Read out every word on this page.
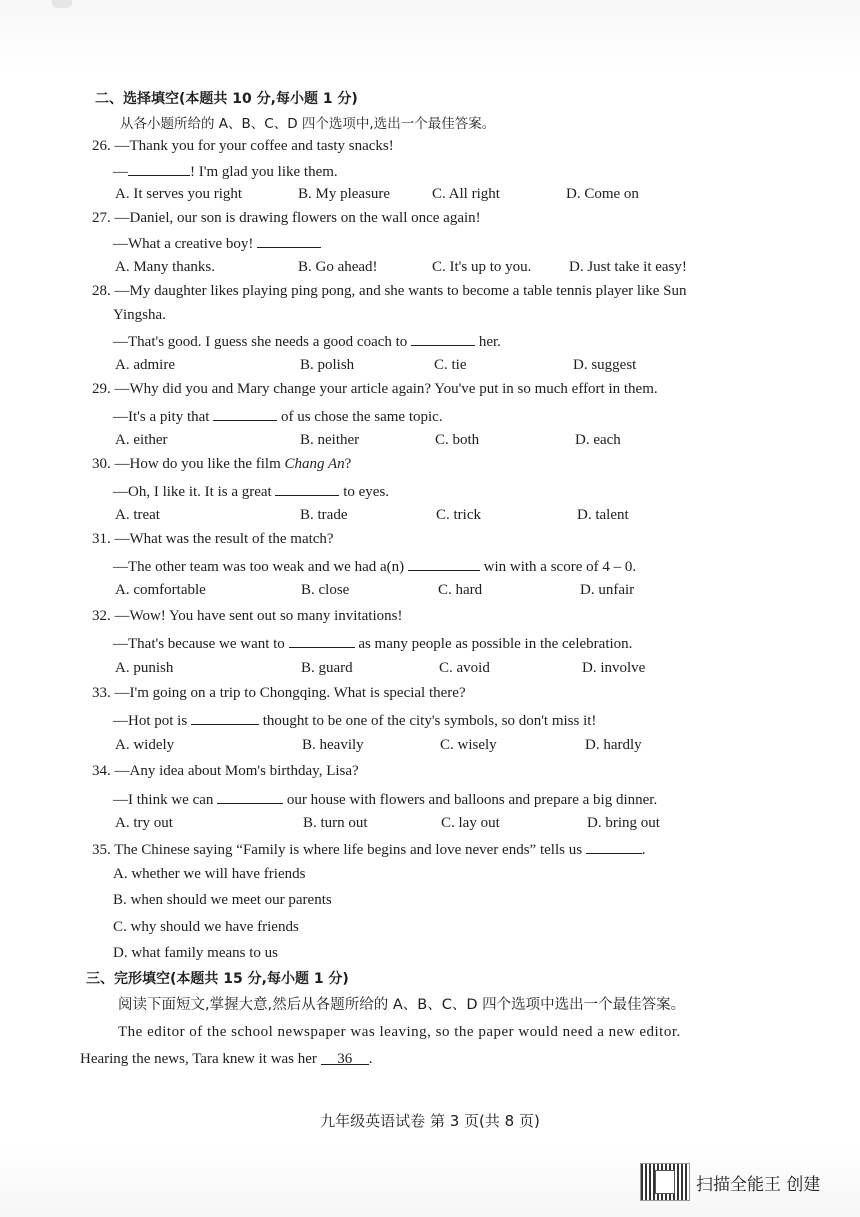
二、选择填空(本题共 10 分,每小题 1 分)
从各小题所给的 A、B、C、D 四个选项中,选出一个最佳答案。
26. —Thank you for your coffee and tasty snacks!
—	! I'm glad you like them.
A. It serves you right	B. My pleasure	C. All right	D. Come on
27. —Daniel, our son is drawing flowers on the wall once again!
—What a creative boy!
A. Many thanks.	B. Go ahead!	C. It's up to you.	D. Just take it easy!
28. —My daughter likes playing ping pong, and she wants to become a table tennis player like Sun
Yingsha.
—That's good. I guess she needs a good coach to	her.
A. admire	B. polish	C. tie	D. suggest
29. —Why did you and Mary change your article again? You've put in so much effort in them.
—It's a pity that	of us chose the same topic.
A. either	B. neither	C. both	D. each
30. —How do you like the film Chang An?
—Oh, I like it. It is a great	to eyes.
A. treat	B. trade	C. trick	D. talent
31. —What was the result of the match?
—The other team was too weak and we had a(n)	win with a score of 4 – 0.
A. comfortable	B. close	C. hard	D. unfair
32. —Wow! You have sent out so many invitations!
—That's because we want to	as many people as possible in the celebration.
A. punish	B. guard	C. avoid	D. involve
33. —I'm going on a trip to Chongqing. What is special there?
—Hot pot is	thought to be one of the city's symbols, so don't miss it!
A. widely	B. heavily	C. wisely	D. hardly
34. —Any idea about Mom's birthday, Lisa?
—I think we can	our house with flowers and balloons and prepare a big dinner.
A. try out	B. turn out	C. lay out	D. bring out
35. The Chinese saying “Family is where life begins and love never ends” tells us	.
A. whether we will have friends
B. when should we meet our parents
C. why should we have friends
D. what family means to us
三、完形填空(本题共 15 分,每小题 1 分)
阅读下面短文,掌握大意,然后从各题所给的 A、B、C、D 四个选项中选出一个最佳答案。
The editor of the school newspaper was leaving, so the paper would need a new editor.
Hearing the news, Tara knew it was her 36 .
九年级英语试卷 第 3 页(共 8 页)
扫描全能王 创建
